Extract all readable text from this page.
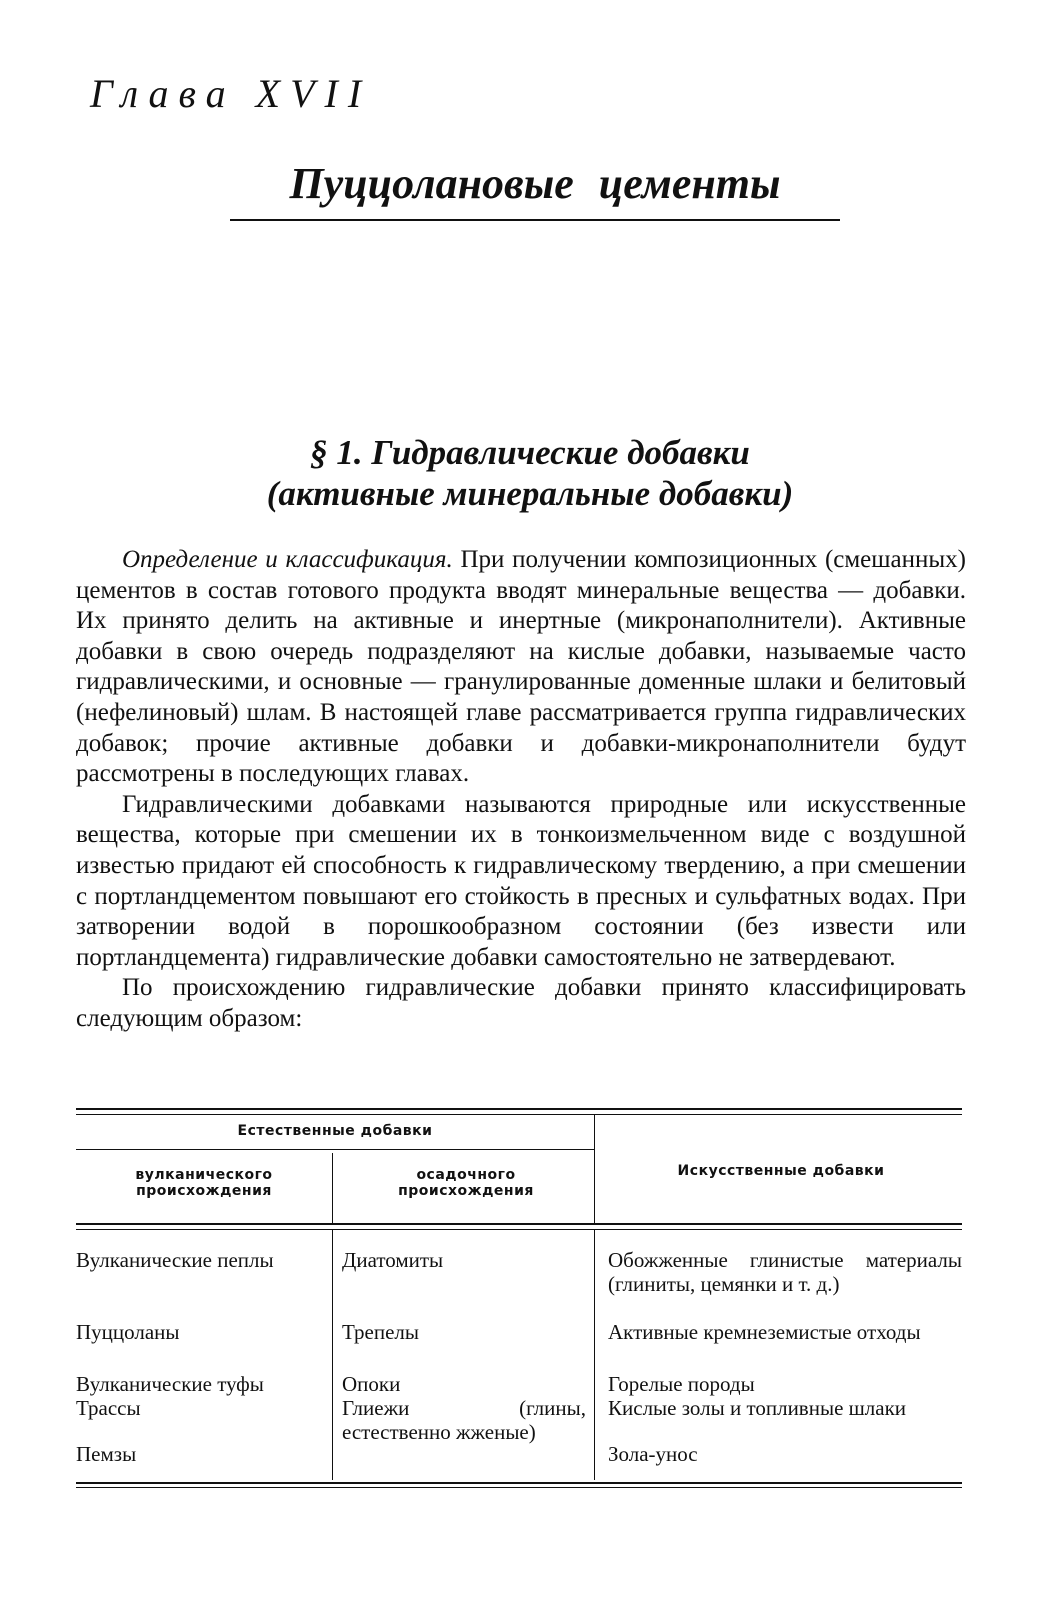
Глава XVII
Пуццолановые цементы
§ 1. Гидравлические добавки
(активные минеральные добавки)

Определение и классификация. При получении композиционных (смешанных) цементов в состав готового продукта вводят минеральные вещества — добавки. Их принято делить на активные и инертные (микронаполнители). Активные добавки в свою очередь подразделяют на кислые добавки, называемые часто гидравлическими, и основные — гранулированные доменные шлаки и белитовый (нефелиновый) шлам. В настоящей главе рассматривается группа гидравлических добавок; прочие активные добавки и добавки-микронаполнители будут рассмотрены в последующих главах.

Гидравлическими добавками называются природные или искусственные вещества, которые при смешении их в тонкоизмельченном виде с воздушной известью придают ей способность к гидравлическому твердению, а при смешении с портландцементом повышают его стойкость в пресных и сульфатных водах. При затворении водой в порошкообразном состоянии (без извести или портландцемента) гидравлические добавки самостоятельно не затвердевают.

По происхождению гидравлические добавки принято классифицировать следующим образом:

Естественные добавки
вулканического происхождения
осадочного происхождения
Искусственные добавки
Вулканические пеплы
Пуццоланы
Вулканические туфы
Трассы
Пемзы
Диатомиты
Трепелы
Опоки
Глиежи (глины, естественно жженые)
Обожженные глинистые материалы (глиниты, цемянки и т. д.)
Активные кремнеземистые отходы
Горелые породы
Кислые золы и топливные шлаки
Зола-унос
